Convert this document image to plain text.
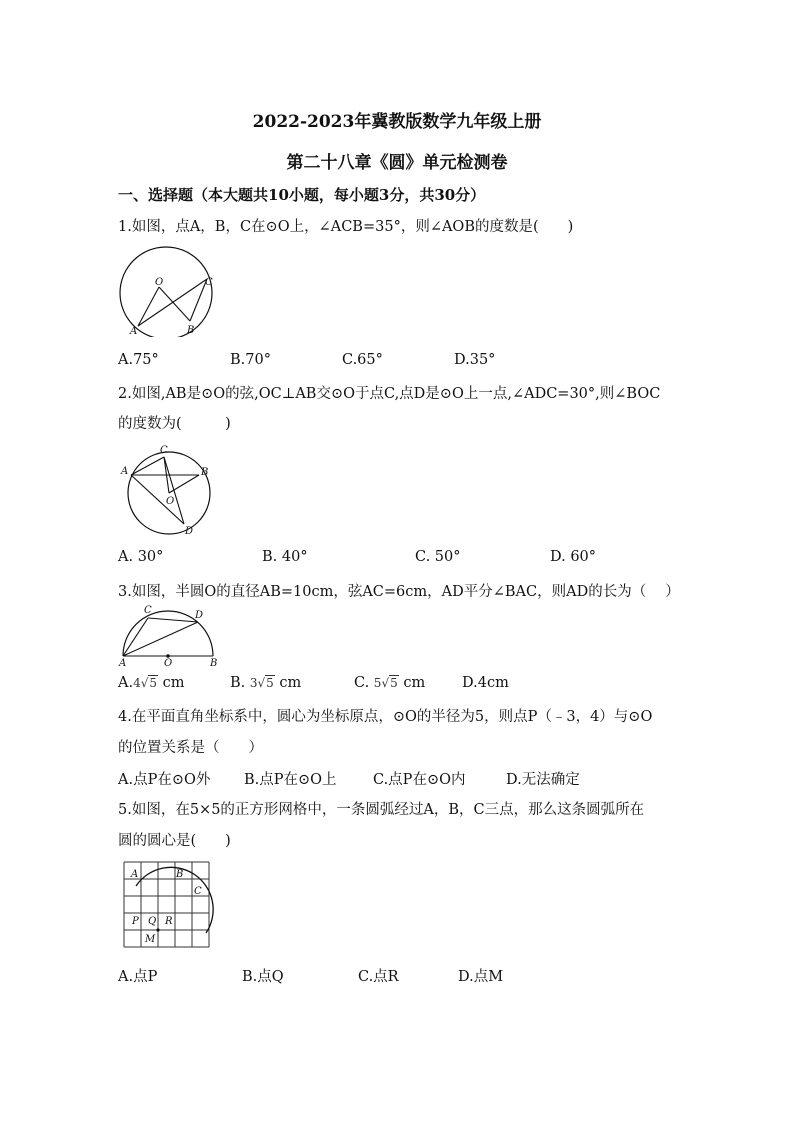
2022-2023年冀教版数学九年级上册
第二十八章《圆》单元检测卷
一、选择题（本大题共10小题，每小题3分，共30分）
1.如图，点A，B，C在⊙O上，∠ACB=35°，则∠AOB的度数是(　　)
O	C
A	B
A.75°	B.70°	C.65°	D.35°
2.如图,AB是⊙O的弦,OC⊥AB交⊙O于点C,点D是⊙O上一点,∠ADC=30°,则∠BOC
的度数为(　　　)
C
A	B
O
D
A. 30°	B. 40°	C. 50°	D. 60°
3.如图，半圆O的直径AB=10cm，弦AC=6cm，AD平分∠BAC，则AD的长为（　 ）
C	D
A	O	B
A.4√5 cm	B. 3√5 cm	C. 5√5 cm	D.4cm
4.在平面直角坐标系中，圆心为坐标原点，⊙O的半径为5，则点P（﹣3，4）与⊙O
的位置关系是（　　）
A.点P在⊙O外 B.点P在⊙O上	C.点P在⊙O内	D.无法确定
5.如图，在5×5的正方形网格中，一条圆弧经过A，B，C三点，那么这条圆弧所在
圆的圆心是(　　)
A	B
C
P Q R
M
A.点P	B.点Q	C.点R	D.点M
